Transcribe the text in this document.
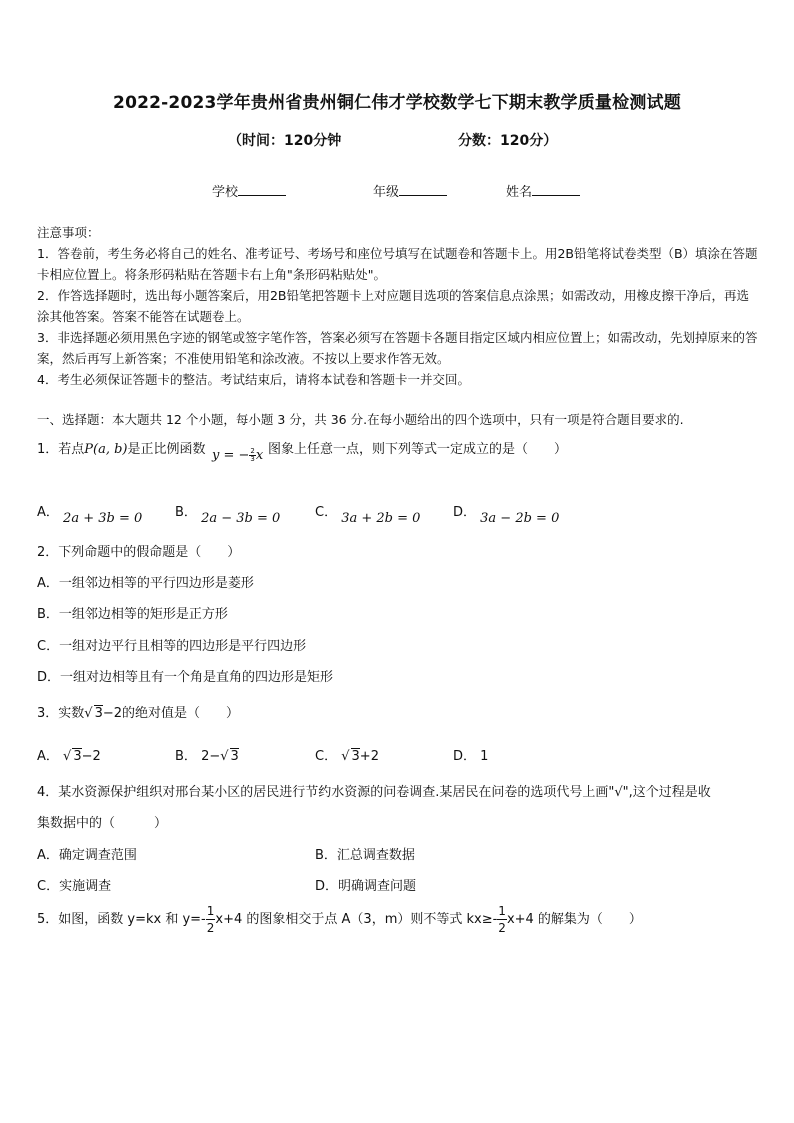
2022-2023学年贵州省贵州铜仁伟才学校数学七下期末教学质量检测试题
（时间：120分钟	分数：120分）
学校	年级	姓名
注意事项：
1．答卷前，考生务必将自己的姓名、准考证号、考场号和座位号填写在试题卷和答题卡上。用2B铅笔将试卷类型（B）填涂在答题卡相应位置上。将条形码粘贴在答题卡右上角"条形码粘贴处"。
2．作答选择题时，选出每小题答案后，用2B铅笔把答题卡上对应题目选项的答案信息点涂黑；如需改动，用橡皮擦干净后，再选涂其他答案。答案不能答在试题卷上。
3．非选择题必须用黑色字迹的钢笔或签字笔作答，答案必须写在答题卡各题目指定区域内相应位置上；如需改动，先划掉原来的答案，然后再写上新答案；不准使用铅笔和涂改液。不按以上要求作答无效。
4．考生必须保证答题卡的整洁。考试结束后，请将本试卷和答题卡一并交回。
一、选择题：本大题共 12 个小题，每小题 3 分，共 36 分.在每小题给出的四个选项中，只有一项是符合题目要求的.
1．若点P(a, b)是正比例函数 y = − $\frac{2}{3}$ x 图象上任意一点，则下列等式一定成立的是（　　）
A． 2a + 3b = 0	B． 2a − 3b = 0	C． 3a + 2b = 0	D． 3a − 2b = 0
2．下列命题中的假命题是（　　）
A．一组邻边相等的平行四边形是菱形
B．一组邻边相等的矩形是正方形
C．一组对边平行且相等的四边形是平行四边形
D．一组对边相等且有一个角是直角的四边形是矩形
3．实数√ 3−2的绝对值是（　　）
A． √ 3−2	B． 2−√ 3	C． √ 3+2	D． 1
4．某水资源保护组织对邢台某小区的居民进行节约水资源的问卷调查.某居民在问卷的选项代号上画"√",这个过程是收
集数据中的（　　　）
A．确定调查范围	B．汇总调查数据
C．实施调查	D．明确调查问题
5．如图，函数 y=kx 和 $y=- \frac{1}{2} x+4$ 的图象相交于点 A（3，m）则不等式 $kx\ge- \frac{1}{2} x+4$ 的解集为（　　）
